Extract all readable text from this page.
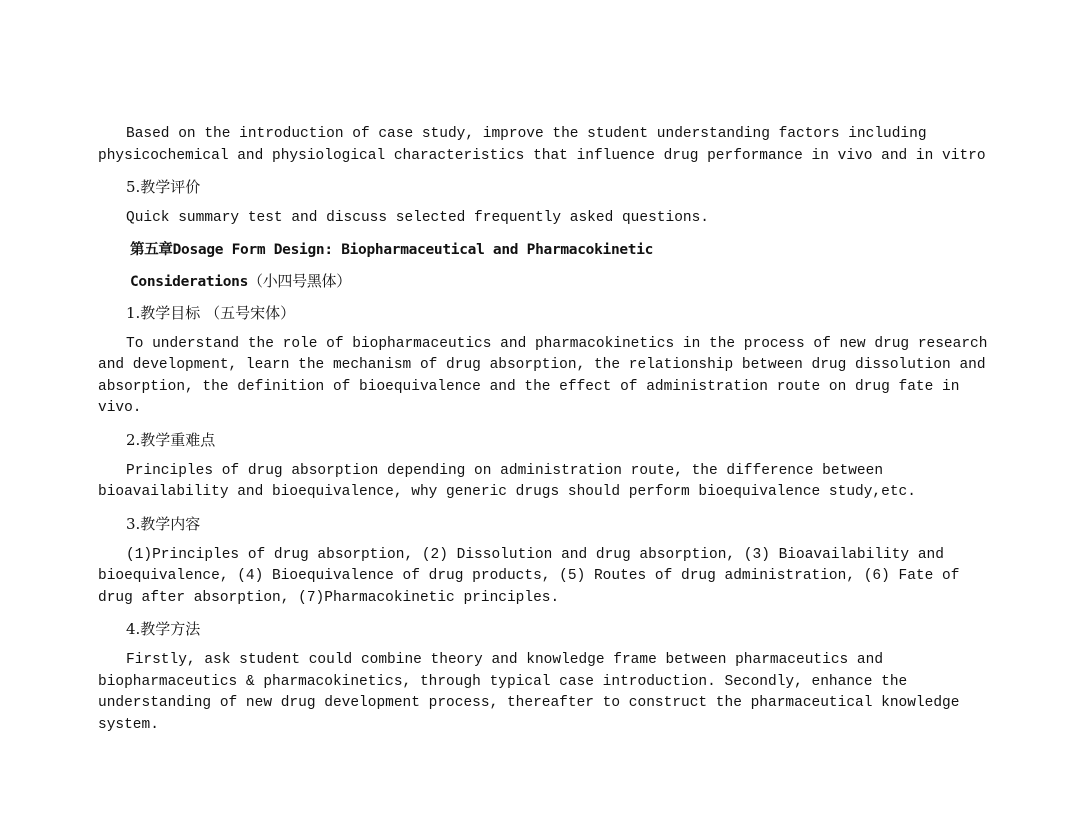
Based on the introduction of case study, improve the student understanding factors including physicochemical and physiological characteristics that influence drug performance in vivo and in vitro

5.教学评价

Quick summary test and discuss selected frequently asked questions.

第五章Dosage Form Design: Biopharmaceutical and Pharmacokinetic
Considerations（小四号黑体）
1.教学目标 （五号宋体）

To understand the role of biopharmaceutics and pharmacokinetics in the process of new drug research and development, learn the mechanism of drug absorption, the relationship between drug dissolution and absorption, the definition of bioequivalence and the effect of administration route on drug fate in vivo.

2.教学重难点

Principles of drug absorption depending on administration route, the difference between bioavailability and bioequivalence, why generic drugs should perform bioequivalence study,etc.

3.教学内容

(1)Principles of drug absorption, (2) Dissolution and drug absorption, (3) Bioavailability and bioequivalence, (4) Bioequivalence of drug products, (5) Routes of drug administration, (6) Fate of drug after absorption, (7)Pharmacokinetic principles.

4.教学方法

Firstly, ask student could combine theory and knowledge frame between pharmaceutics and biopharmaceutics & pharmacokinetics, through typical case introduction. Secondly, enhance the understanding of new drug development process, thereafter to construct the pharmaceutical knowledge system.
